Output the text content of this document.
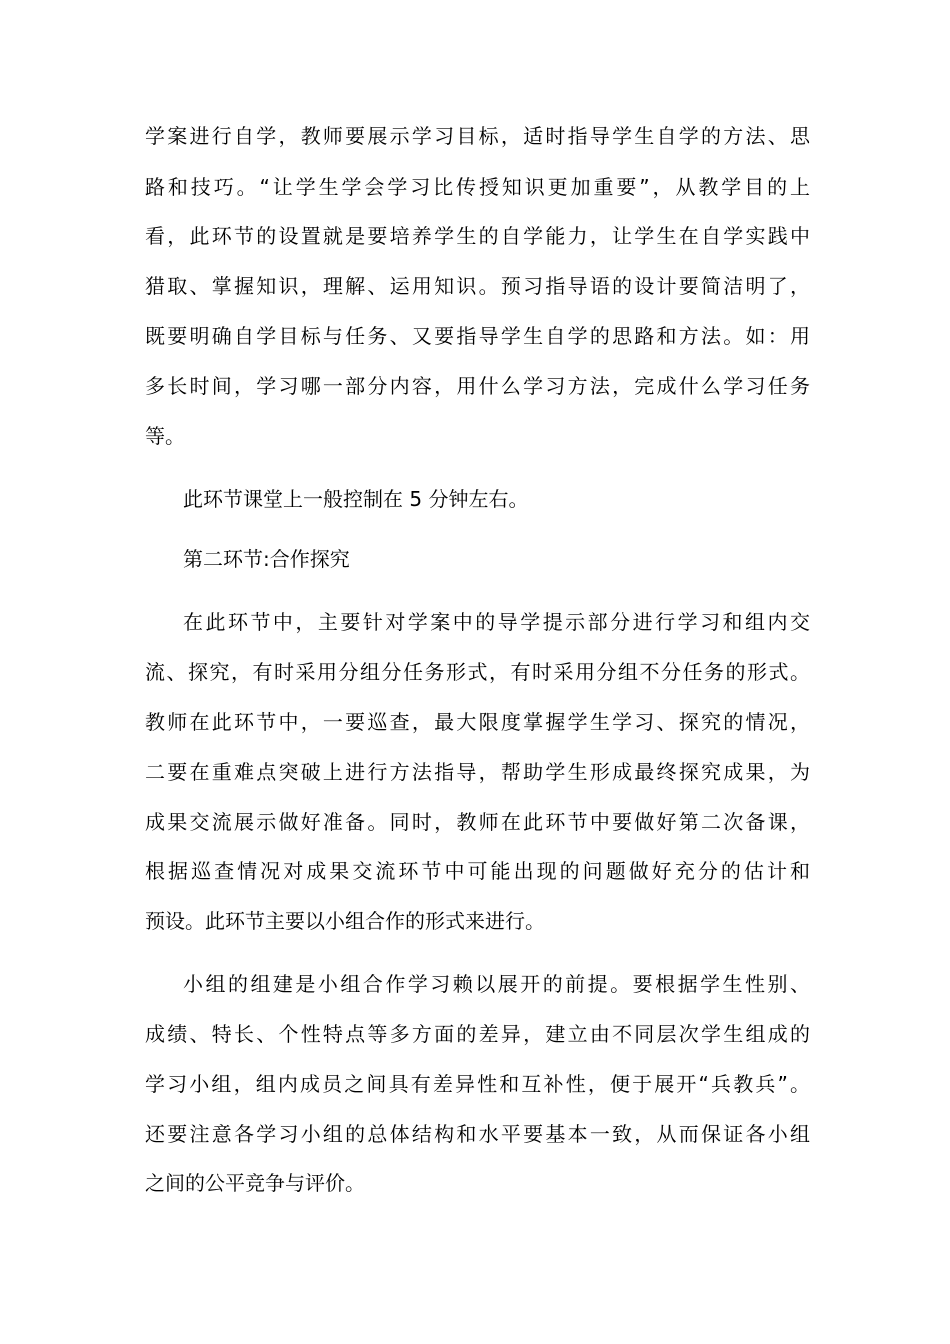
学案进行自学，教师要展示学习目标，适时指导学生自学的方法、思
路和技巧。“让学生学会学习比传授知识更加重要”，从教学目的上
看，此环节的设置就是要培养学生的自学能力，让学生在自学实践中
猎取、掌握知识，理解、运用知识。预习指导语的设计要简洁明了，
既要明确自学目标与任务、又要指导学生自学的思路和方法。如：用
多长时间，学习哪一部分内容，用什么学习方法，完成什么学习任务
等。
此环节课堂上一般控制在 5 分钟左右。
第二环节:合作探究
在此环节中，主要针对学案中的导学提示部分进行学习和组内交
流、探究，有时采用分组分任务形式，有时采用分组不分任务的形式。
教师在此环节中，一要巡查，最大限度掌握学生学习、探究的情况，
二要在重难点突破上进行方法指导，帮助学生形成最终探究成果，为
成果交流展示做好准备。同时，教师在此环节中要做好第二次备课，
根据巡查情况对成果交流环节中可能出现的问题做好充分的估计和
预设。此环节主要以小组合作的形式来进行。
小组的组建是小组合作学习赖以展开的前提。要根据学生性别、
成绩、特长、个性特点等多方面的差异，建立由不同层次学生组成的
学习小组，组内成员之间具有差异性和互补性，便于展开“兵教兵”。
还要注意各学习小组的总体结构和水平要基本一致，从而保证各小组
之间的公平竞争与评价。
